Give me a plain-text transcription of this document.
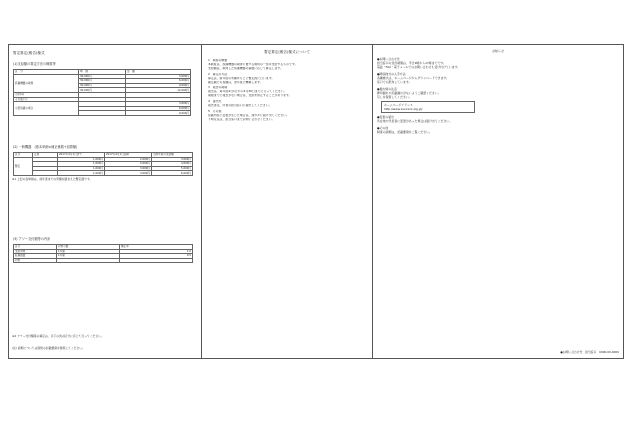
暫定算定(報告)様式
(1)支給額の算定方法の概要等
区　分	単　価	金　額
設備機器の取得	30,000円	3,000円
	30,000円	6,000円
	30,000円	9,000円
	30,000円	12,000円
小計(A)		
その他(イ)		
小型設備の場合		3,000円
		6,000円
		9,000円
(2) 一般機器　(基本単価×補正係数+加算額)
区分	定員	2017年4月1日まで	2017年4月1日以降	当該年度の支給額
暫定		1,000円	2,000円	3,000円
		1,000円	2,000円	4,000円
		1,000円	3,000円	5,000円
		1,000円	3,000円	6,000円
※1 上記の各単価は、前年度までの実績を踏まえた暫定値です。
(3) アワー交付額等の内訳
区分	対象月数	補正率
支給対象	1年間	1.0
経過措置	1年間	0.5
対象		
※2 アワー交付額等の算定は、以下の表の区分に応じて行ってください。
(注) 詳細については別紙の記載要領を参照してください。
暫定算定(報告)様式について
1　制度の概要
本制度は、設備機器の取得に要する費用の一部を支給するものです。
支給額は、取得した設備機器の基数に応じて算定します。
2　算定の方法
算定は、前年度の実績をもとに暫定的に行います。
確定額との差額は、翌年度に精算します。
3　報告の時期
報告は、毎年度4月1日から6月30日までに行ってください。
期限までに報告がない場合は、支給を停止することがあります。
4　提出先
報告書は、所管の担当窓口に提出してください。
5　その他
記載内容に変更が生じた場合は、速やかに届け出てください。
不明な点は、担当窓口までお問い合わせください。
お知らせ
●お問い合わせ先
担当窓口の受付時間は、平日9時から17時までです。
電話・FAX・電子メールでのお問い合わせも受け付けています。
●関係様式の入手方法
各種様式は、ホームページからダウンロードできます。
窓口でも配布しています。
●提出時の注意
押印漏れや記載漏れがないようご確認ください。
写しを保管してください。
ホームページアドレス
http://www.xxxxxxx.xlg.jp/
●変更の届出
所在地や代表者に変更があった場合は届け出てください。
●その他
制度の詳細は、記載要領をご覧ください。
●お問い合わせ先　担当窓口　0000-00-0000
